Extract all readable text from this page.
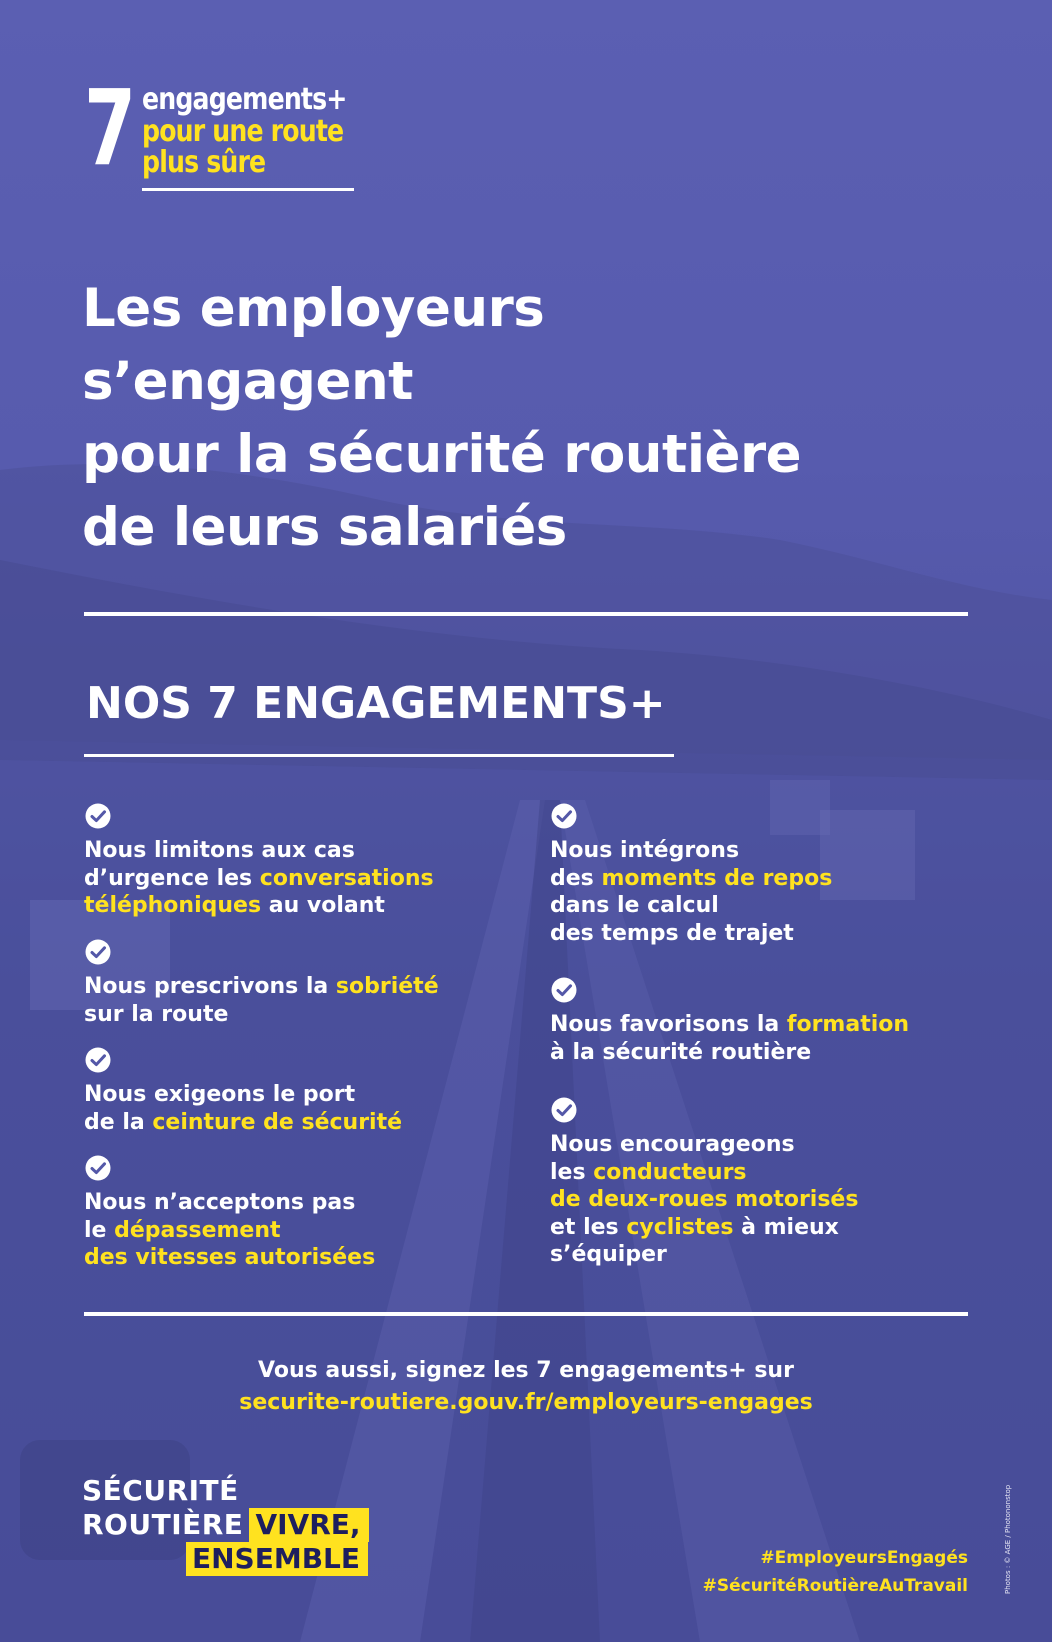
7 engagements+
pour une route
plus sûre
Les employeurs
s’engagent
pour la sécurité routière
de leurs salariés
NOS 7 ENGAGEMENTS+
Nous limitons aux cas
d’urgence les conversations
téléphoniques au volant
Nous prescrivons la sobriété
sur la route
Nous exigeons le port
de la ceinture de sécurité
Nous n’acceptons pas
le dépassement
des vitesses autorisées
Nous intégrons
des moments de repos
dans le calcul
des temps de trajet
Nous favorisons la formation
à la sécurité routière
Nous encourageons
les conducteurs
de deux-roues motorisés
et les cyclistes à mieux
s’équiper
Vous aussi, signez les 7 engagements+ sur
securite-routiere.gouv.fr/employeurs-engages
SÉCURITÉ
ROUTIÈRE VIVRE,
ENSEMBLE	#EmployeursEngagés
#SécuritéRoutièreAuTravail	Photos : © AGE / Photononstop
